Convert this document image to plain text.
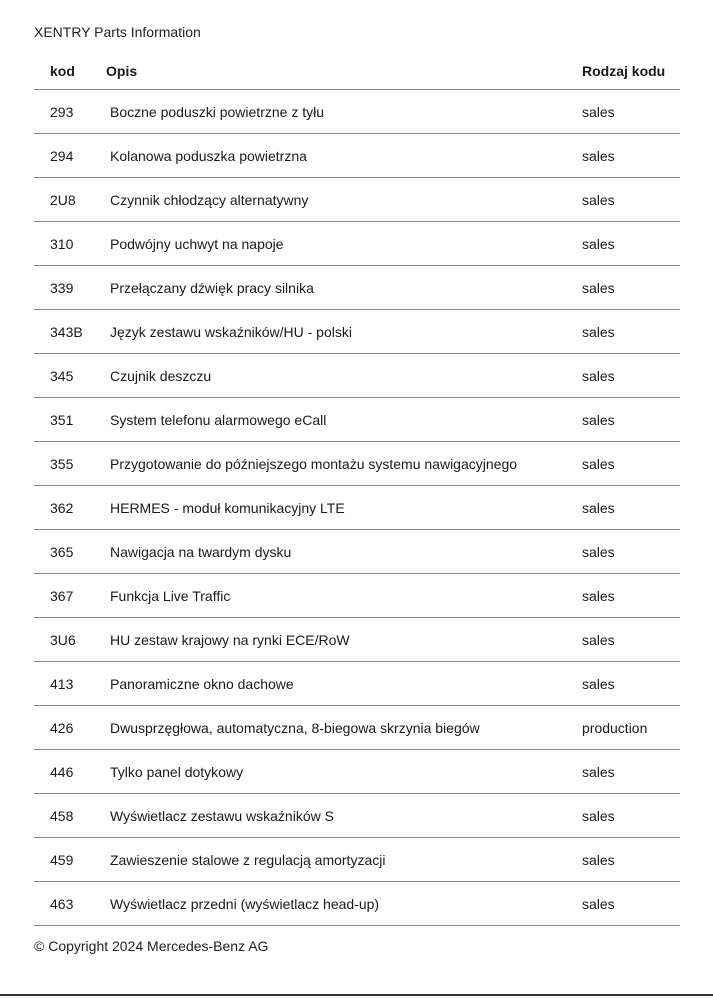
XENTRY Parts Information
kod	Opis	Rodzaj kodu
293	Boczne poduszki powietrzne z tyłu	sales
294	Kolanowa poduszka powietrzna	sales
2U8	Czynnik chłodzący alternatywny	sales
310	Podwójny uchwyt na napoje	sales
339	Przełączany dźwięk pracy silnika	sales
343B	Język zestawu wskaźników/HU - polski	sales
345	Czujnik deszczu	sales
351	System telefonu alarmowego eCall	sales
355	Przygotowanie do późniejszego montażu systemu nawigacyjnego	sales
362	HERMES - moduł komunikacyjny LTE	sales
365	Nawigacja na twardym dysku	sales
367	Funkcja Live Traffic	sales
3U6	HU zestaw krajowy na rynki ECE/RoW	sales
413	Panoramiczne okno dachowe	sales
426	Dwusprzęgłowa, automatyczna, 8-biegowa skrzynia biegów	production
446	Tylko panel dotykowy	sales
458	Wyświetlacz zestawu wskaźników S	sales
459	Zawieszenie stalowe z regulacją amortyzacji	sales
463	Wyświetlacz przedni (wyświetlacz head-up)	sales
© Copyright 2024 Mercedes-Benz AG
